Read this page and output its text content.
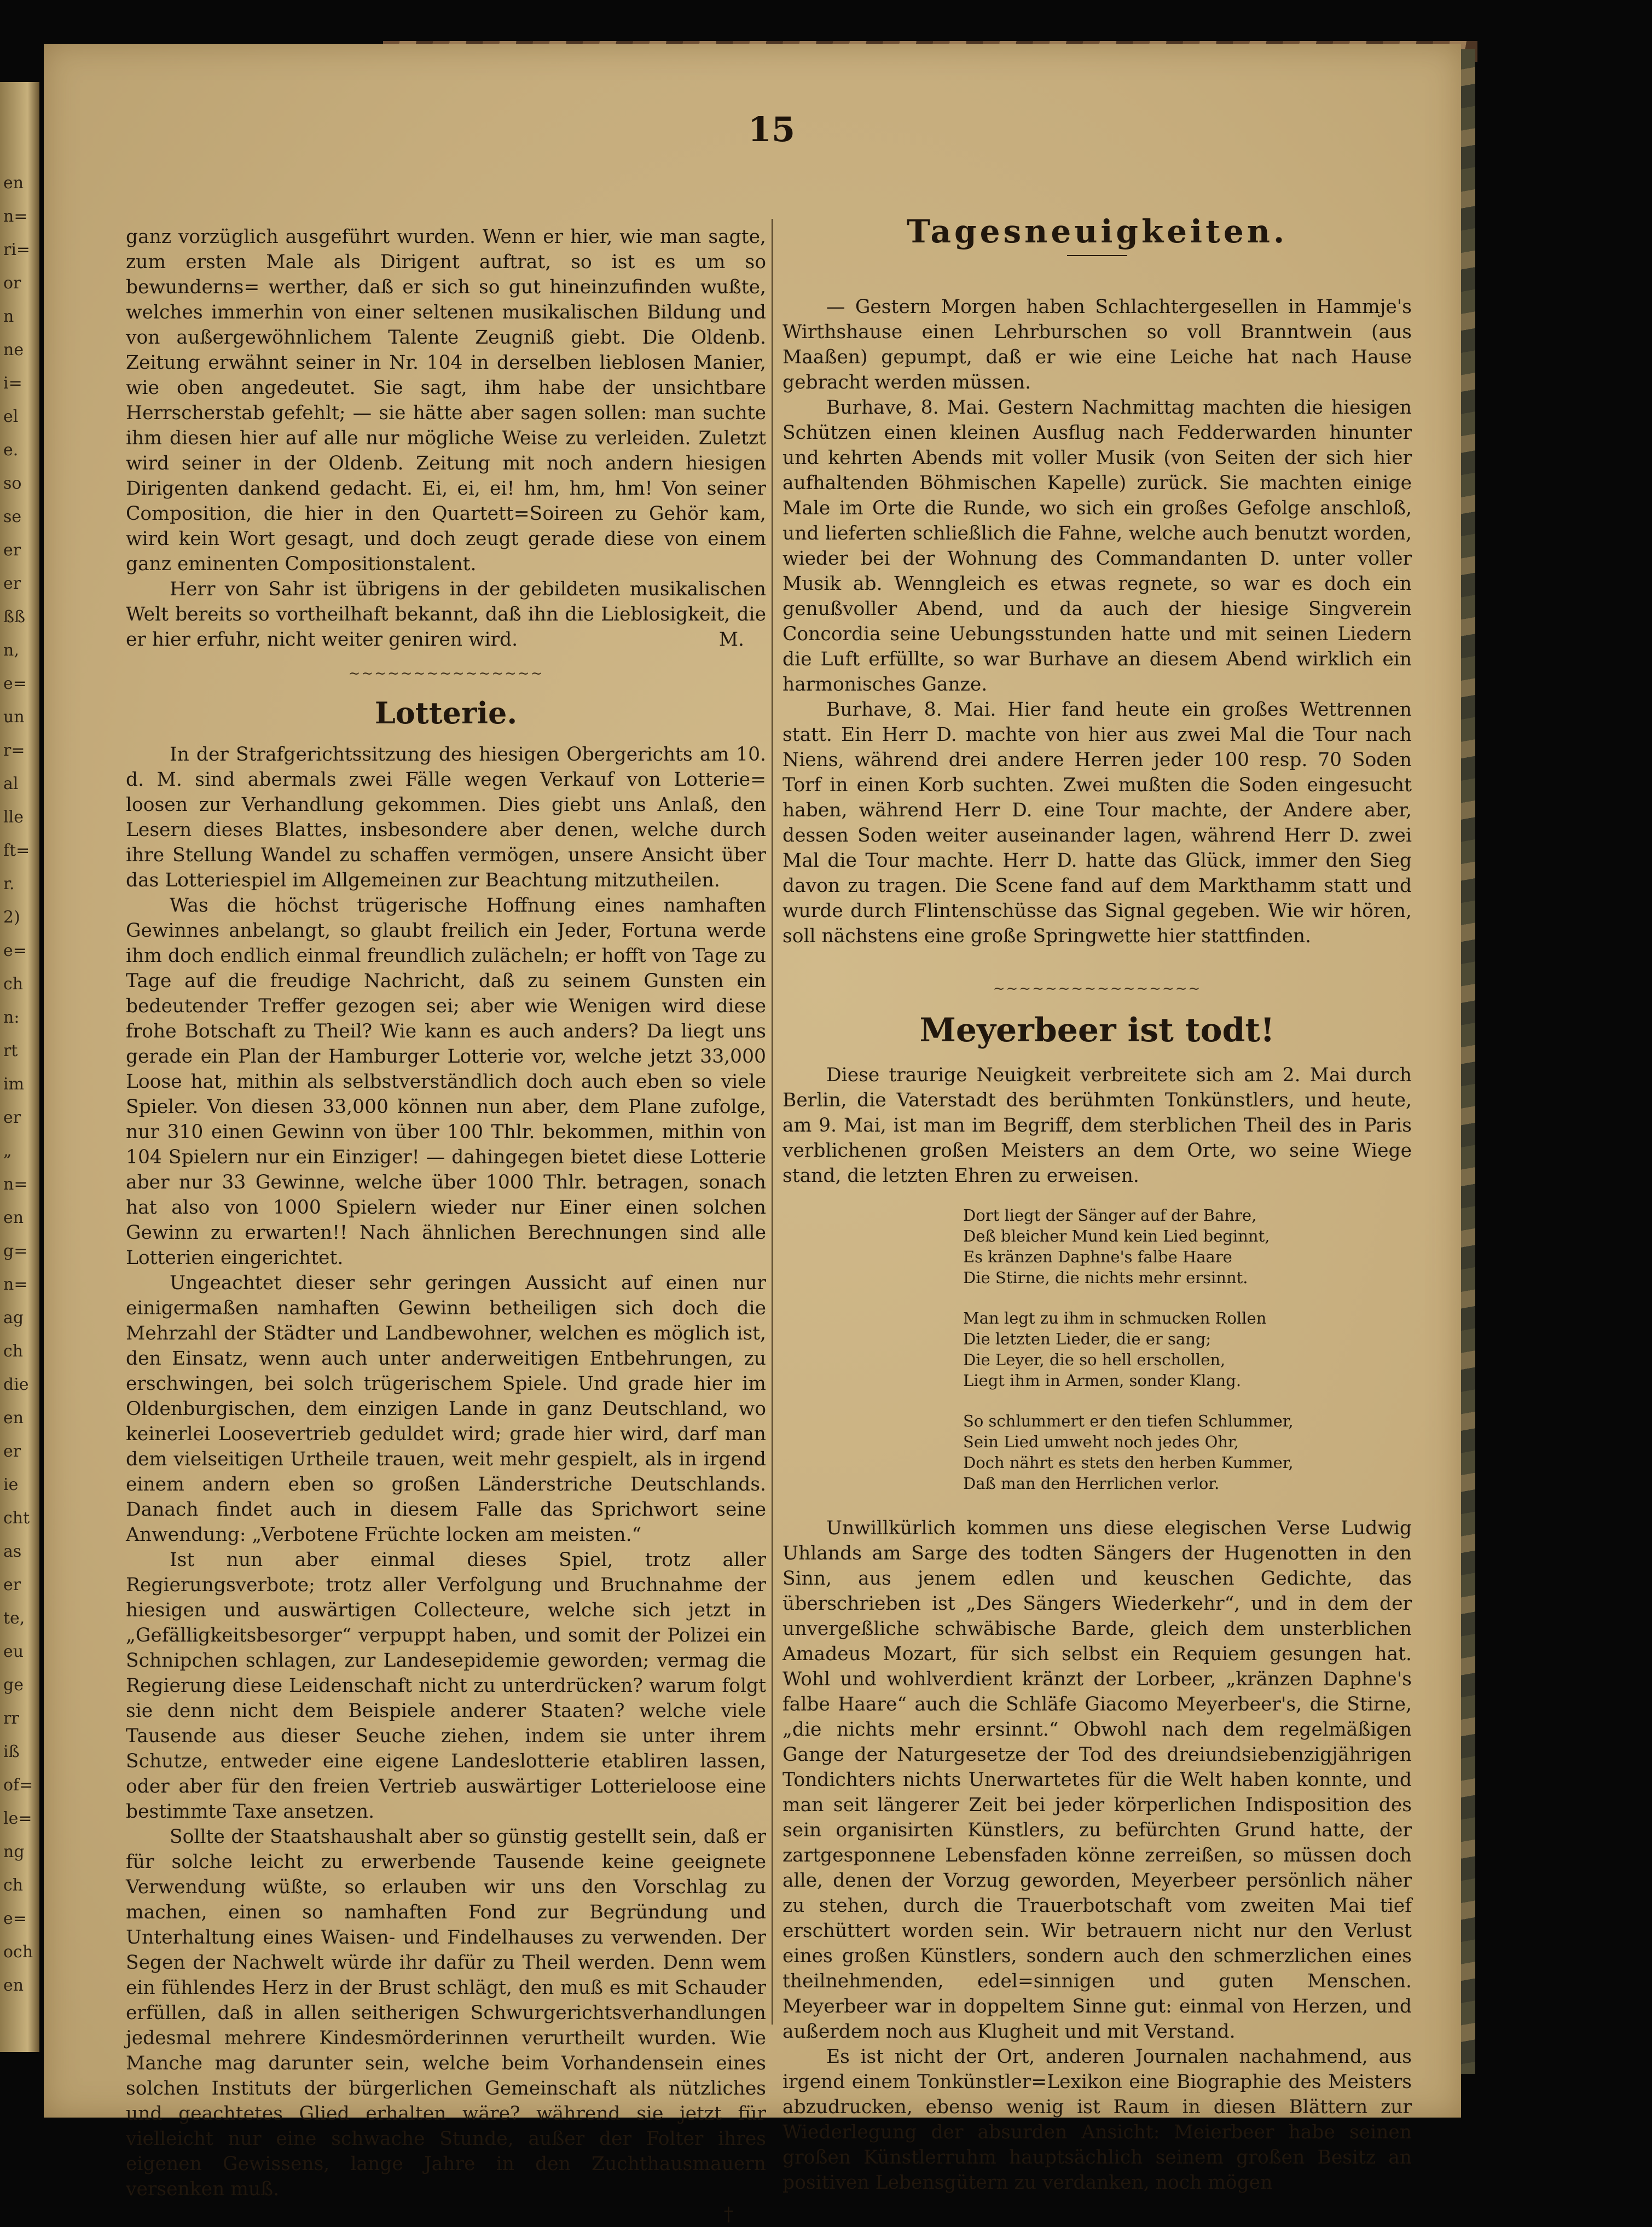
en
n=
ri=
or
n
ne
i=
el
e.
so
se
er
er
ßß
n,
e=
un
r=
al
lle
ft=
r.
2)
e=
ch
n:
rt
im
er
„
n=
en
g=
n=
ag
ch
die
en
er
ie
cht
as
er
te,
eu
ge
rr
iß
of=
le=
ng
ch
e=
och
en
15

ganz vorzüglich ausgeführt wurden. Wenn er hier, wie man sagte, zum ersten Male als Dirigent auftrat, so ist es um so bewunderns= werther, daß er sich so gut hineinzufinden wußte, welches immerhin von einer seltenen musikalischen Bildung und von außergewöhnlichem Talente Zeugniß giebt. Die Oldenb. Zeitung erwähnt seiner in Nr. 104 in derselben lieblosen Manier, wie oben angedeutet. Sie sagt, ihm habe der unsichtbare Herrscherstab gefehlt; — sie hätte aber sagen sollen: man suchte ihm diesen hier auf alle nur mögliche Weise zu verleiden. Zuletzt wird seiner in der Oldenb. Zeitung mit noch andern hiesigen Dirigenten dankend gedacht. Ei, ei, ei! hm, hm, hm! Von seiner Composition, die hier in den Quartett=Soireen zu Gehör kam, wird kein Wort gesagt, und doch zeugt gerade diese von einem ganz eminenten Compositionstalent.

Herr von Sahr ist übrigens in der gebildeten musikalischen Welt bereits so vortheilhaft bekannt, daß ihn die Lieblosigkeit, die er hier erfuhr, nicht weiter geniren wird.	M.

~~~~~~~~~~~~~~~
Lotterie.

In der Strafgerichtssitzung des hiesigen Obergerichts am 10. d. M. sind abermals zwei Fälle wegen Verkauf von Lotterie= loosen zur Verhandlung gekommen. Dies giebt uns Anlaß, den Lesern dieses Blattes, insbesondere aber denen, welche durch ihre Stellung Wandel zu schaffen vermögen, unsere Ansicht über das Lotteriespiel im Allgemeinen zur Beachtung mitzutheilen.

Was die höchst trügerische Hoffnung eines namhaften Gewinnes anbelangt, so glaubt freilich ein Jeder, Fortuna werde ihm doch endlich einmal freundlich zulächeln; er hofft von Tage zu Tage auf die freudige Nachricht, daß zu seinem Gunsten ein bedeutender Treffer gezogen sei; aber wie Wenigen wird diese frohe Botschaft zu Theil? Wie kann es auch anders? Da liegt uns gerade ein Plan der Hamburger Lotterie vor, welche jetzt 33,000 Loose hat, mithin als selbstverständlich doch auch eben so viele Spieler. Von diesen 33,000 können nun aber, dem Plane zufolge, nur 310 einen Gewinn von über 100 Thlr. bekommen, mithin von 104 Spielern nur ein Einziger! — dahingegen bietet diese Lotterie aber nur 33 Gewinne, welche über 1000 Thlr. betragen, sonach hat also von 1000 Spielern wieder nur Einer einen solchen Gewinn zu erwarten!! Nach ähnlichen Berechnungen sind alle Lotterien eingerichtet.

Ungeachtet dieser sehr geringen Aussicht auf einen nur einigermaßen namhaften Gewinn betheiligen sich doch die Mehrzahl der Städter und Landbewohner, welchen es möglich ist, den Einsatz, wenn auch unter anderweitigen Entbehrungen, zu erschwingen, bei solch trügerischem Spiele. Und grade hier im Oldenburgischen, dem einzigen Lande in ganz Deutschland, wo keinerlei Loosevertrieb geduldet wird; grade hier wird, darf man dem vielseitigen Urtheile trauen, weit mehr gespielt, als in irgend einem andern eben so großen Länderstriche Deutschlands. Danach findet auch in diesem Falle das Sprichwort seine Anwendung: „Verbotene Früchte locken am meisten.“

Ist nun aber einmal dieses Spiel, trotz aller Regierungsverbote; trotz aller Verfolgung und Bruchnahme der hiesigen und auswärtigen Collecteure, welche sich jetzt in „Gefälligkeitsbesorger“ verpuppt haben, und somit der Polizei ein Schnipchen schlagen, zur Landesepidemie geworden; vermag die Regierung diese Leidenschaft nicht zu unterdrücken? warum folgt sie denn nicht dem Beispiele anderer Staaten? welche viele Tausende aus dieser Seuche ziehen, indem sie unter ihrem Schutze, entweder eine eigene Landeslotterie etabliren lassen, oder aber für den freien Vertrieb auswärtiger Lotterieloose eine bestimmte Taxe ansetzen.

Sollte der Staatshaushalt aber so günstig gestellt sein, daß er für solche leicht zu erwerbende Tausende keine geeignete Verwendung wüßte, so erlauben wir uns den Vorschlag zu machen, einen so namhaften Fond zur Begründung und Unterhaltung eines Waisen- und Findelhauses zu verwenden. Der Segen der Nachwelt würde ihr dafür zu Theil werden. Denn wem ein fühlendes Herz in der Brust schlägt, den muß es mit Schauder erfüllen, daß in allen seitherigen Schwurgerichtsverhandlungen jedesmal mehrere Kindesmörderinnen verurtheilt wurden. Wie Manche mag darunter sein, welche beim Vorhandensein eines solchen Instituts der bürgerlichen Gemeinschaft als nützliches und geachtetes Glied erhalten wäre? während sie jetzt für vielleicht nur eine schwache Stunde, außer der Folter ihres eigenen Gewissens, lange Jahre in den Zuchthausmauern versenken muß.

†
Tagesneuigkeiten.

— Gestern Morgen haben Schlachtergesellen in Hammje's Wirthshause einen Lehrburschen so voll Branntwein (aus Maaßen) gepumpt, daß er wie eine Leiche hat nach Hause gebracht werden müssen.

Burhave, 8. Mai. Gestern Nachmittag machten die hiesigen Schützen einen kleinen Ausflug nach Fedderwarden hinunter und kehrten Abends mit voller Musik (von Seiten der sich hier aufhaltenden Böhmischen Kapelle) zurück. Sie machten einige Male im Orte die Runde, wo sich ein großes Gefolge anschloß, und lieferten schließlich die Fahne, welche auch benutzt worden, wieder bei der Wohnung des Commandanten D. unter voller Musik ab. Wenngleich es etwas regnete, so war es doch ein genußvoller Abend, und da auch der hiesige Singverein Concordia seine Uebungsstunden hatte und mit seinen Liedern die Luft erfüllte, so war Burhave an diesem Abend wirklich ein harmonisches Ganze.

Burhave, 8. Mai. Hier fand heute ein großes Wettrennen statt. Ein Herr D. machte von hier aus zwei Mal die Tour nach Niens, während drei andere Herren jeder 100 resp. 70 Soden Torf in einen Korb suchten. Zwei mußten die Soden eingesucht haben, während Herr D. eine Tour machte, der Andere aber, dessen Soden weiter auseinander lagen, während Herr D. zwei Mal die Tour machte. Herr D. hatte das Glück, immer den Sieg davon zu tragen. Die Scene fand auf dem Markthamm statt und wurde durch Flintenschüsse das Signal gegeben. Wie wir hören, soll nächstens eine große Springwette hier stattfinden.

~~~~~~~~~~~~~~~~
Meyerbeer ist todt!

Diese traurige Neuigkeit verbreitete sich am 2. Mai durch Berlin, die Vaterstadt des berühmten Tonkünstlers, und heute, am 9. Mai, ist man im Begriff, dem sterblichen Theil des in Paris verblichenen großen Meisters an dem Orte, wo seine Wiege stand, die letzten Ehren zu erweisen.

Dort liegt der Sänger auf der Bahre,
Deß bleicher Mund kein Lied beginnt,
Es kränzen Daphne's falbe Haare
Die Stirne, die nichts mehr ersinnt.
Man legt zu ihm in schmucken Rollen
Die letzten Lieder, die er sang;
Die Leyer, die so hell erschollen,
Liegt ihm in Armen, sonder Klang.
So schlummert er den tiefen Schlummer,
Sein Lied umweht noch jedes Ohr,
Doch nährt es stets den herben Kummer,
Daß man den Herrlichen verlor.

Unwillkürlich kommen uns diese elegischen Verse Ludwig Uhlands am Sarge des todten Sängers der Hugenotten in den Sinn, aus jenem edlen und keuschen Gedichte, das überschrieben ist „Des Sängers Wiederkehr“, und in dem der unvergeßliche schwäbische Barde, gleich dem unsterblichen Amadeus Mozart, für sich selbst ein Requiem gesungen hat. Wohl und wohlverdient kränzt der Lorbeer, „kränzen Daphne's falbe Haare“ auch die Schläfe Giacomo Meyerbeer's, die Stirne, „die nichts mehr ersinnt.“ Obwohl nach dem regelmäßigen Gange der Naturgesetze der Tod des dreiundsiebenzigjährigen Tondichters nichts Unerwartetes für die Welt haben konnte, und man seit längerer Zeit bei jeder körperlichen Indisposition des sein organisirten Künstlers, zu befürchten Grund hatte, der zartgesponnene Lebensfaden könne zerreißen, so müssen doch alle, denen der Vorzug geworden, Meyerbeer persönlich näher zu stehen, durch die Trauerbotschaft vom zweiten Mai tief erschüttert worden sein. Wir betrauern nicht nur den Verlust eines großen Künstlers, sondern auch den schmerzlichen eines theilnehmenden, edel=sinnigen und guten Menschen. Meyerbeer war in doppeltem Sinne gut: einmal von Herzen, und außerdem noch aus Klugheit und mit Verstand.

Es ist nicht der Ort, anderen Journalen nachahmend, aus irgend einem Tonkünstler=Lexikon eine Biographie des Meisters abzudrucken, ebenso wenig ist Raum in diesen Blättern zur Wiederlegung der absurden Ansicht: Meierbeer habe seinen großen Künstlerruhm hauptsächlich seinem großen Besitz an positiven Lebensgütern zu verdanken, noch mögen
